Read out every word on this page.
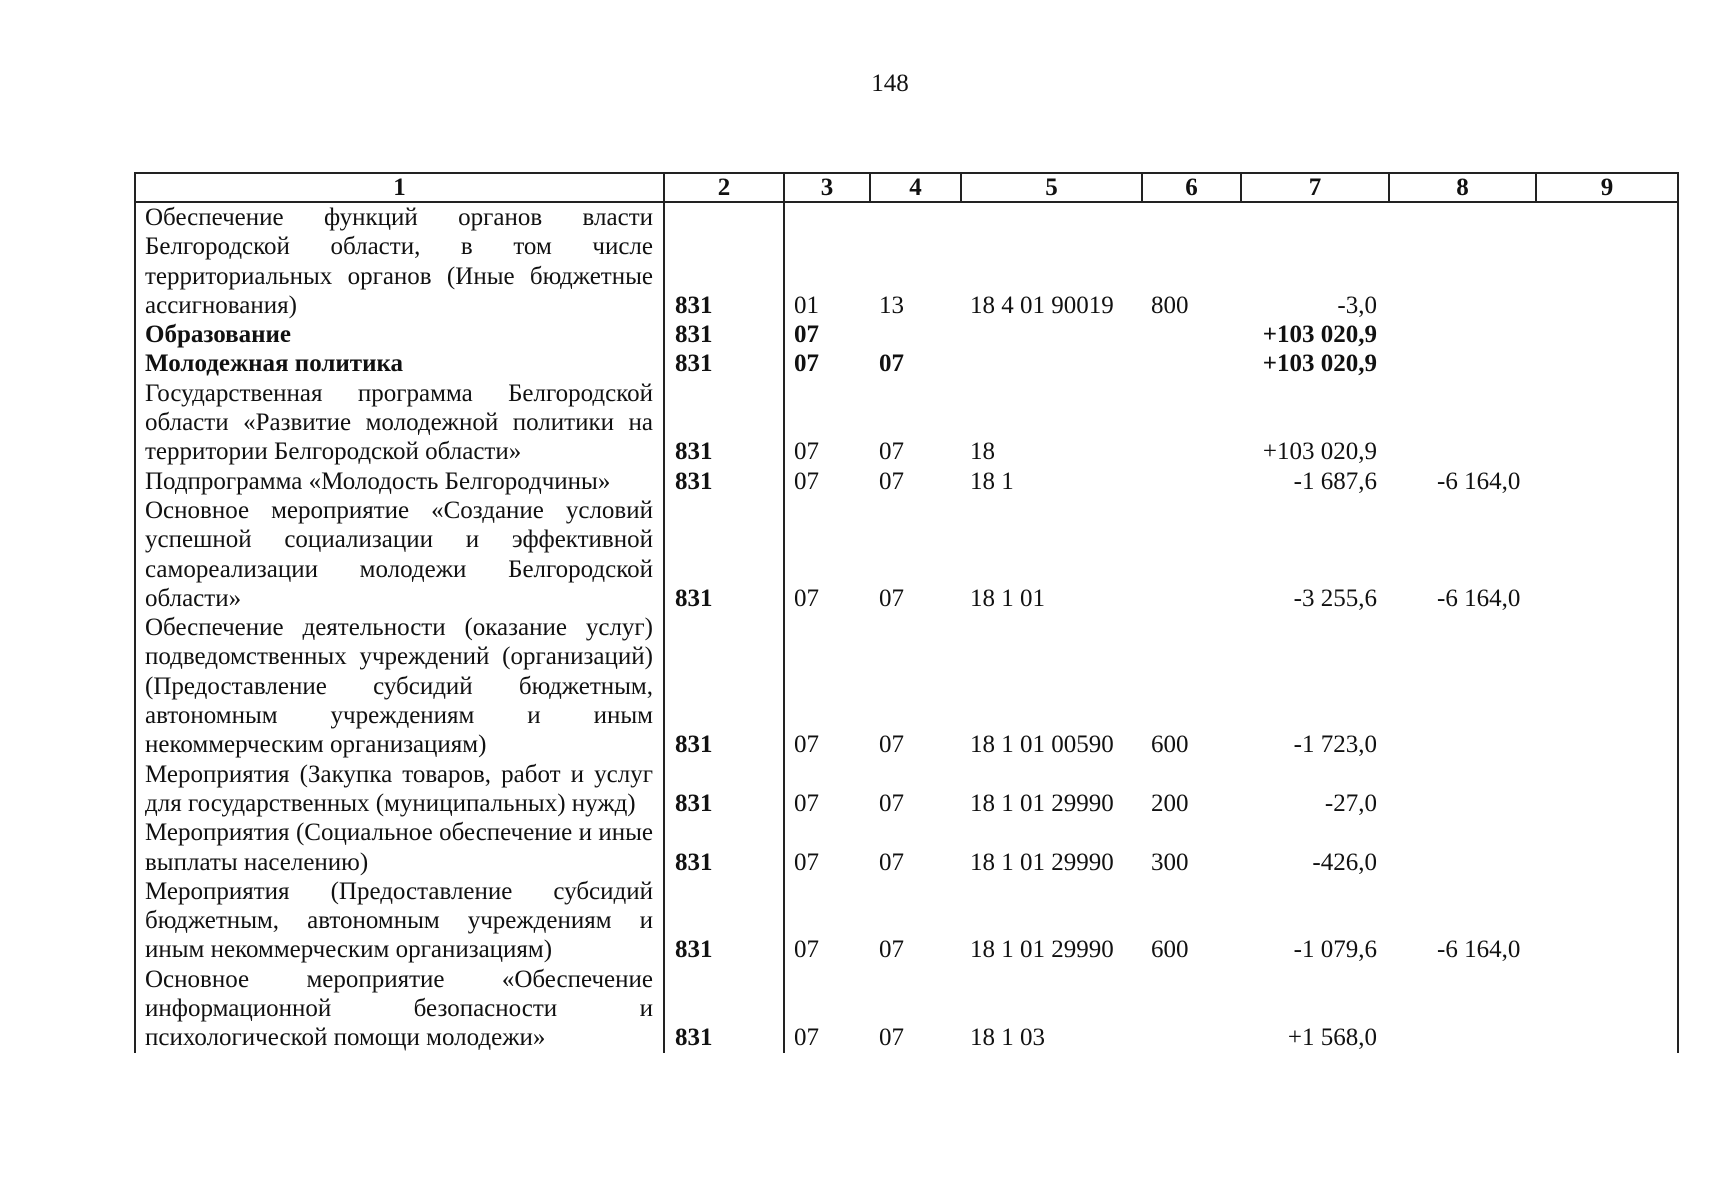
148
1	2	3	4	5	6	7	8	9
Обеспечение функций органов власти Белгородской области, в том числе территориальных органов (Иные бюджетные ассигнования)	831	01	13	18 4 01 90019	800	-3,0		
Образование	831	07				+103 020,9		
Молодежная политика	831	07	07			+103 020,9		
Государственная программа Белгородской области «Развитие молодежной политики на территории Белгородской области»	831	07	07	18		+103 020,9		
Подпрограмма «Молодость Белгородчины»	831	07	07	18 1		-1 687,6	-6 164,0	
Основное мероприятие «Создание условий успешной социализации и эффективной самореализации молодежи Белгородской области»	831	07	07	18 1 01		-3 255,6	-6 164,0	
Обеспечение деятельности (оказание услуг) подведомственных учреждений (организаций) (Предоставление субсидий бюджетным, автономным учреждениям и иным некоммерческим организациям)	831	07	07	18 1 01 00590	600	-1 723,0		
Мероприятия (Закупка товаров, работ и услуг для государственных (муниципальных) нужд)	831	07	07	18 1 01 29990	200	-27,0		
Мероприятия (Социальное обеспечение и иные выплаты населению)	831	07	07	18 1 01 29990	300	-426,0		
Мероприятия (Предоставление субсидий бюджетным, автономным учреждениям и иным некоммерческим организациям)	831	07	07	18 1 01 29990	600	-1 079,6	-6 164,0	
Основное мероприятие «Обеспечение информационной безопасности и психологической помощи молодежи»	831	07	07	18 1 03		+1 568,0		
